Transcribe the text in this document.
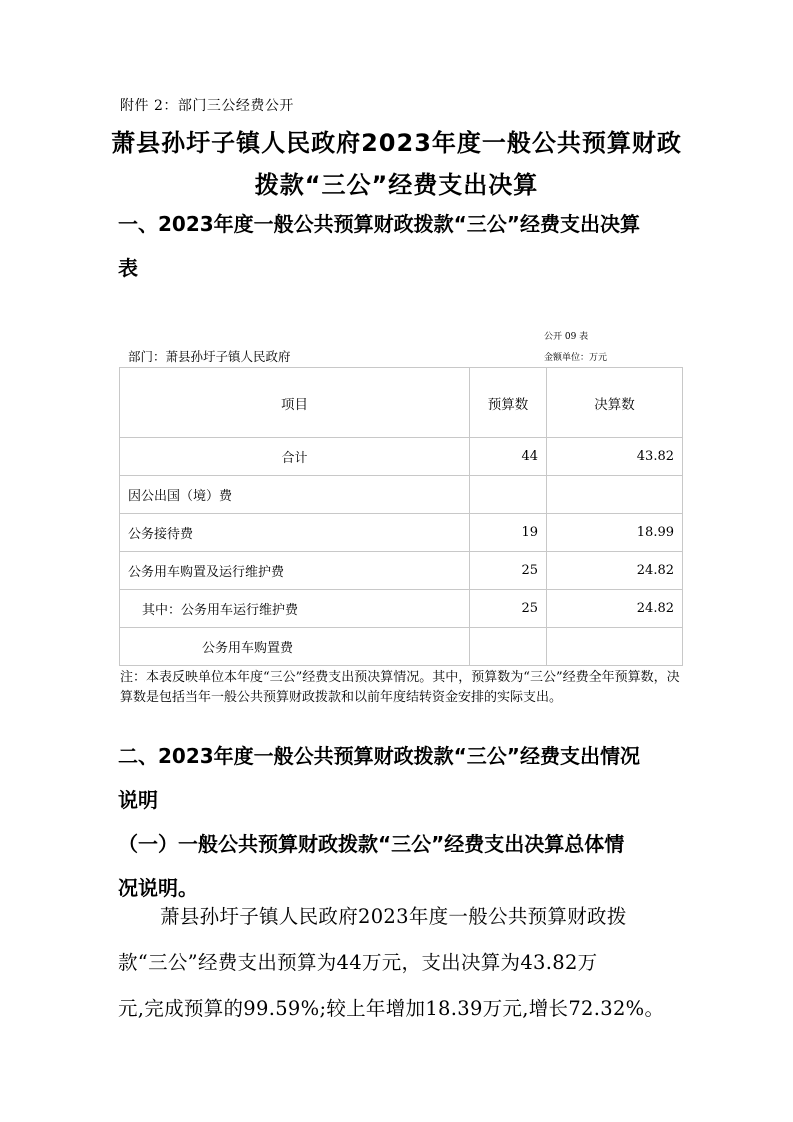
附件 2：部门三公经费公开
萧县孙圩子镇人民政府2023年度一般公共预算财政
拨款“三公”经费支出决算
一、2023年度一般公共预算财政拨款“三公”经费支出决算
表
公开 09 表
部门：萧县孙圩子镇人民政府	金额单位：万元
项目	预算数	决算数
合计	44	43.82
因公出国（境）费		
公务接待费	19	18.99
公务用车购置及运行维护费	25	24.82
其中：公务用车运行维护费	25	24.82
公务用车购置费		
注：本表反映单位本年度“三公”经费支出预决算情况。其中，预算数为“三公”经费全年预算数，决算数是包括当年一般公共预算财政拨款和以前年度结转资金安排的实际支出。
二、2023年度一般公共预算财政拨款“三公”经费支出情况
说明
（一）一般公共预算财政拨款“三公”经费支出决算总体情
况说明。
萧县孙圩子镇人民政府2023年度一般公共预算财政拨
款“三公”经费支出预算为44万元，支出决算为43.82万
元,完成预算的99.59%;较上年增加18.39万元,增长72.32%。
